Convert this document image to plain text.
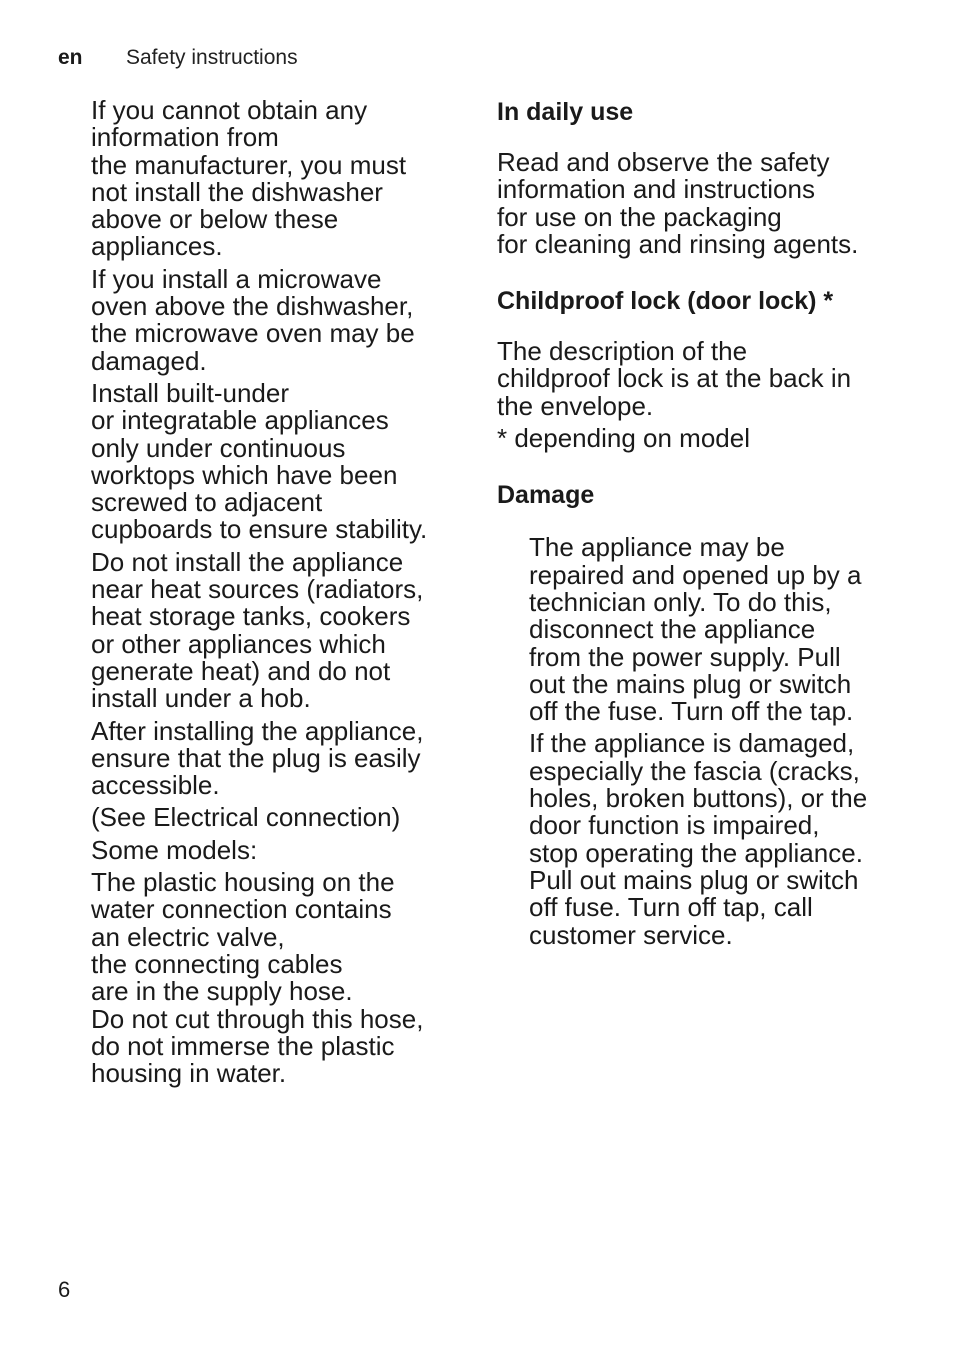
en Safety instructions

If you cannot obtain any
information from
the manufacturer, you must
not install the dishwasher
above or below these
appliances.

If you install a microwave
oven above the dishwasher,
the microwave oven may be
damaged.

Install built-under
or integratable appliances
only under continuous
worktops which have been
screwed to adjacent
cupboards to ensure stability.

Do not install the appliance
near heat sources (radiators,
heat storage tanks, cookers
or other appliances which
generate heat) and do not
install under a hob.

After installing the appliance,
ensure that the plug is easily
accessible.

(See Electrical connection)

Some models:

The plastic housing on the
water connection contains
an electric valve,
the connecting cables
are in the supply hose.
Do not cut through this hose,
do not immerse the plastic
housing in water.

In daily use

Read and observe the safety
information and instructions
for use on the packaging
for cleaning and rinsing agents.

Childproof lock (door lock) *

The description of the
childproof lock is at the back in
the envelope.

* depending on model

Damage

The appliance may be
repaired and opened up by a
technician only. To do this,
disconnect the appliance
from the power supply. Pull
out the mains plug or switch
off the fuse. Turn off the tap.

If the appliance is damaged,
especially the fascia (cracks,
holes, broken buttons), or the
door function is impaired,
stop operating the appliance.
Pull out mains plug or switch
off fuse. Turn off tap, call
customer service.

6
